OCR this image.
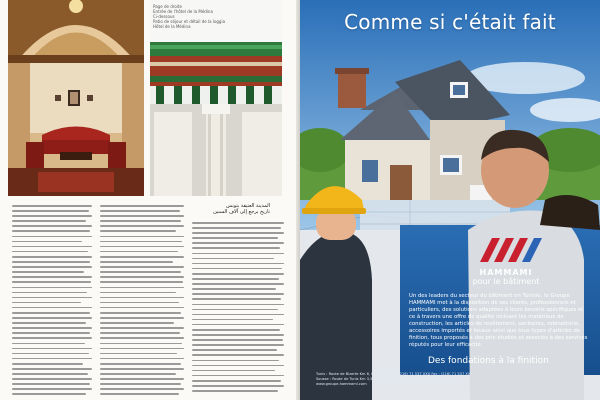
Page de droite
Entrée de l'hôtel de la Médina
Ci-dessous
Patio de séjour et détail de la loggia
Hôtel de la Médina
المدينة العتيقة بتونس
تاريخ يرجع إلى آلاف السنين
Comme si c'était fait
Un des leaders du secteur du bâtiment en Tunisie, le Groupe HAMMAMI met à la disposition de ses clients, professionnels et particuliers, des solutions adaptées à leurs besoins spécifiques et ce à travers une offre de qualité incluant les matériaux de construction, les articles de revêtement, sanitaires, robinetterie, accessoires importés et locaux ainsi que tous types d'articles de finition, tous proposés à des prix étudiés et associés à des services réputés pour leur efficacité.
Des fondations à la finition
Tunis : Route de Bizerte Km 6, Manouba Tél. : (216) 71 537 XXX Fax : (216) 71 537 XXX
Sousse : Route de Tunis Km 3,5 Tél. : (216) 73 XXX XXX Fax : (216) 73 XXX XXX
www.groupe-hammami.com
HAMMAMI
pour le bâtiment
